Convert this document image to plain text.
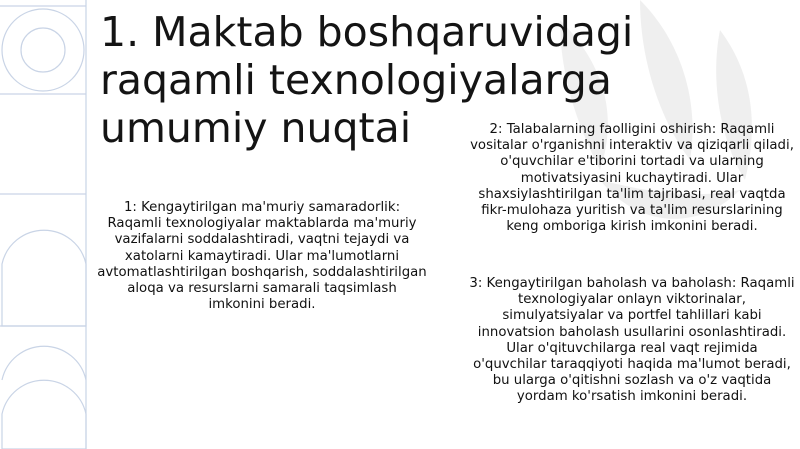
1. Maktab boshqaruvidagi raqamli texnologiyalarga umumiy nuqtai

1: Kengaytirilgan ma'muriy samaradorlik: Raqamli texnologiyalar maktablarda ma'muriy vazifalarni soddalashtiradi, vaqtni tejaydi va xatolarni kamaytiradi. Ular ma'lumotlarni avtomatlashtirilgan boshqarish, soddalashtirilgan aloqa va resurslarni samarali taqsimlash imkonini beradi.

2: Talabalarning faolligini oshirish: Raqamli vositalar o'rganishni interaktiv va qiziqarli qiladi, o'quvchilar e'tiborini tortadi va ularning motivatsiyasini kuchaytiradi. Ular shaxsiylashtirilgan ta'lim tajribasi, real vaqtda fikr-mulohaza yuritish va ta'lim resurslarining keng omboriga kirish imkonini beradi.

3: Kengaytirilgan baholash va baholash: Raqamli texnologiyalar onlayn viktorinalar, simulyatsiyalar va portfel tahlillari kabi innovatsion baholash usullarini osonlashtiradi. Ular o'qituvchilarga real vaqt rejimida o'quvchilar taraqqiyoti haqida ma'lumot beradi, bu ularga o'qitishni sozlash va o'z vaqtida yordam ko'rsatish imkonini beradi.
